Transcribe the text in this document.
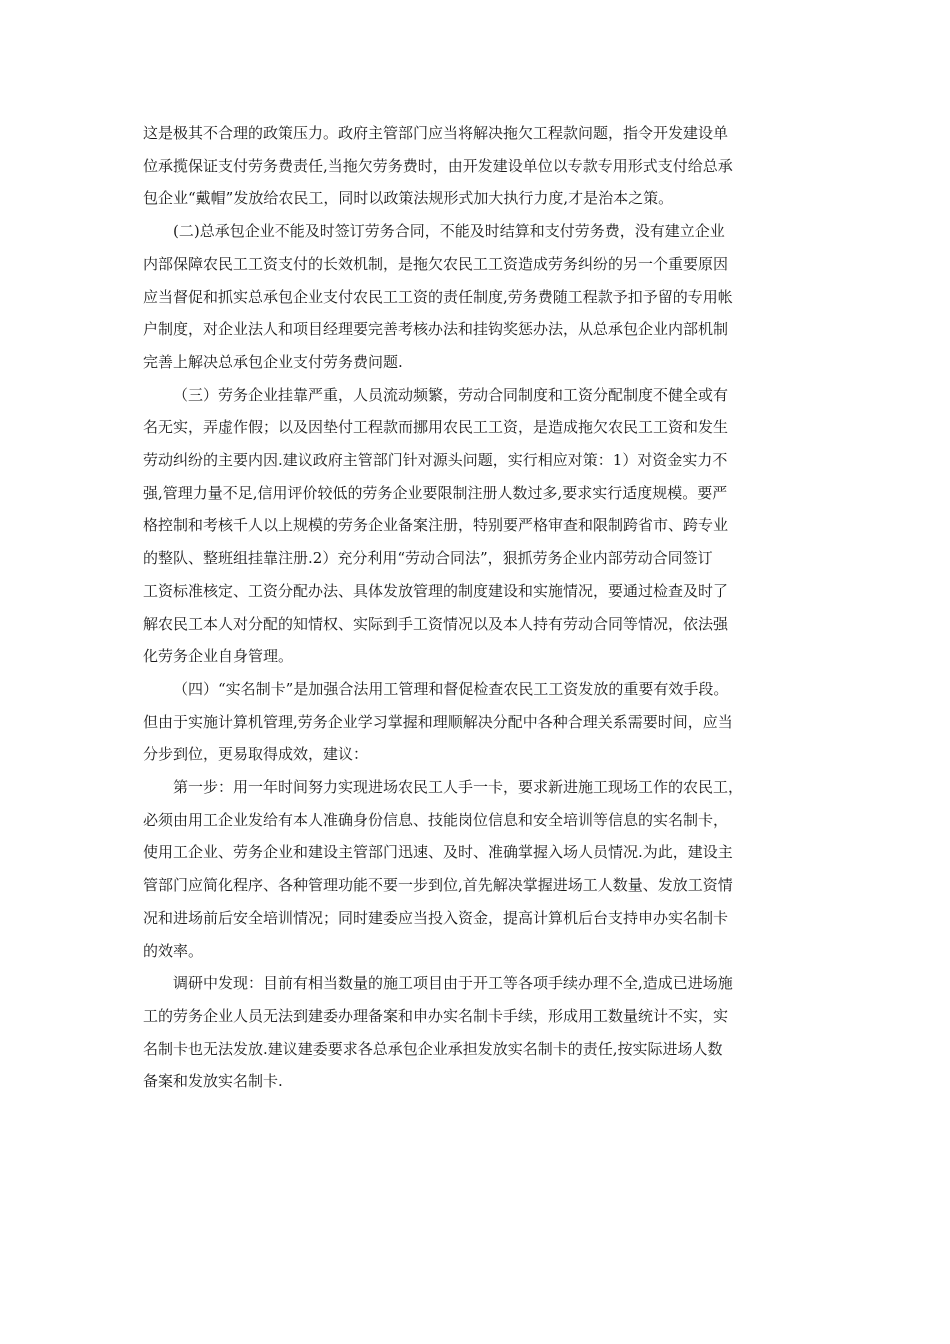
这是极其不合理的政策压力。政府主管部门应当将解决拖欠工程款问题，指令开发建设单
位承揽保证支付劳务费责任,当拖欠劳务费时，由开发建设单位以专款专用形式支付给总承
包企业“戴帽”发放给农民工，同时以政策法规形式加大执行力度,才是治本之策。

(二)总承包企业不能及时签订劳务合同，不能及时结算和支付劳务费，没有建立企业
内部保障农民工工资支付的长效机制，是拖欠农民工工资造成劳务纠纷的另一个重要原因
应当督促和抓实总承包企业支付农民工工资的责任制度,劳务费随工程款予扣予留的专用帐
户制度，对企业法人和项目经理要完善考核办法和挂钩奖惩办法，从总承包企业内部机制
完善上解决总承包企业支付劳务费问题.

（三）劳务企业挂靠严重，人员流动频繁，劳动合同制度和工资分配制度不健全或有
名无实，弄虚作假；以及因垫付工程款而挪用农民工工资，是造成拖欠农民工工资和发生
劳动纠纷的主要内因.建议政府主管部门针对源头问题，实行相应对策：1）对资金实力不
强,管理力量不足,信用评价较低的劳务企业要限制注册人数过多,要求实行适度规模。要严
格控制和考核千人以上规模的劳务企业备案注册，特别要严格审查和限制跨省市、跨专业
的整队、整班组挂靠注册.2）充分利用“劳动合同法”，狠抓劳务企业内部劳动合同签订
工资标准核定、工资分配办法、具体发放管理的制度建设和实施情况，要通过检查及时了
解农民工本人对分配的知情权、实际到手工资情况以及本人持有劳动合同等情况，依法强
化劳务企业自身管理。

（四）“实名制卡”是加强合法用工管理和督促检查农民工工资发放的重要有效手段。
但由于实施计算机管理,劳务企业学习掌握和理顺解决分配中各种合理关系需要时间，应当
分步到位，更易取得成效，建议：

第一步：用一年时间努力实现进场农民工人手一卡，要求新进施工现场工作的农民工，
必须由用工企业发给有本人准确身份信息、技能岗位信息和安全培训等信息的实名制卡，
使用工企业、劳务企业和建设主管部门迅速、及时、准确掌握入场人员情况.为此，建设主
管部门应简化程序、各种管理功能不要一步到位,首先解决掌握进场工人数量、发放工资情
况和进场前后安全培训情况；同时建委应当投入资金，提高计算机后台支持申办实名制卡
的效率。

调研中发现：目前有相当数量的施工项目由于开工等各项手续办理不全,造成已进场施
工的劳务企业人员无法到建委办理备案和申办实名制卡手续，形成用工数量统计不实，实
名制卡也无法发放.建议建委要求各总承包企业承担发放实名制卡的责任,按实际进场人数
备案和发放实名制卡.
